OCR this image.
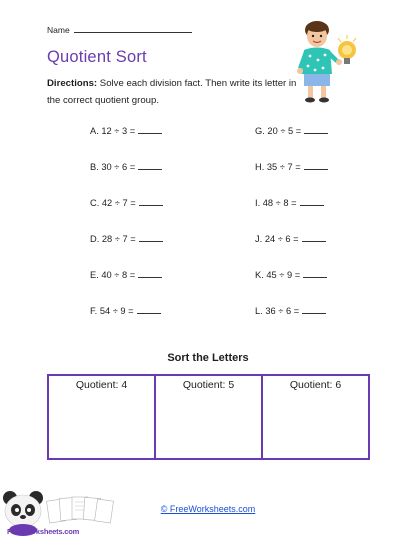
Name
Quotient Sort
Directions: Solve each division fact. Then write its letter in the correct quotient group.
A. 12 ÷ 3 =
B. 30 ÷ 6 =
C. 42 ÷ 7 =
D. 28 ÷ 7 =
E. 40 ÷ 8 =
F. 54 ÷ 9 =
G. 20 ÷ 5 =
H. 35 ÷ 7 =
I. 48 ÷ 8 =
J. 24 ÷ 6 =
K. 45 ÷ 9 =
L. 36 ÷ 6 =
Sort the Letters
Quotient: 4	Quotient: 5	Quotient: 6
FreeWorksheets.com
© FreeWorksheets.com
